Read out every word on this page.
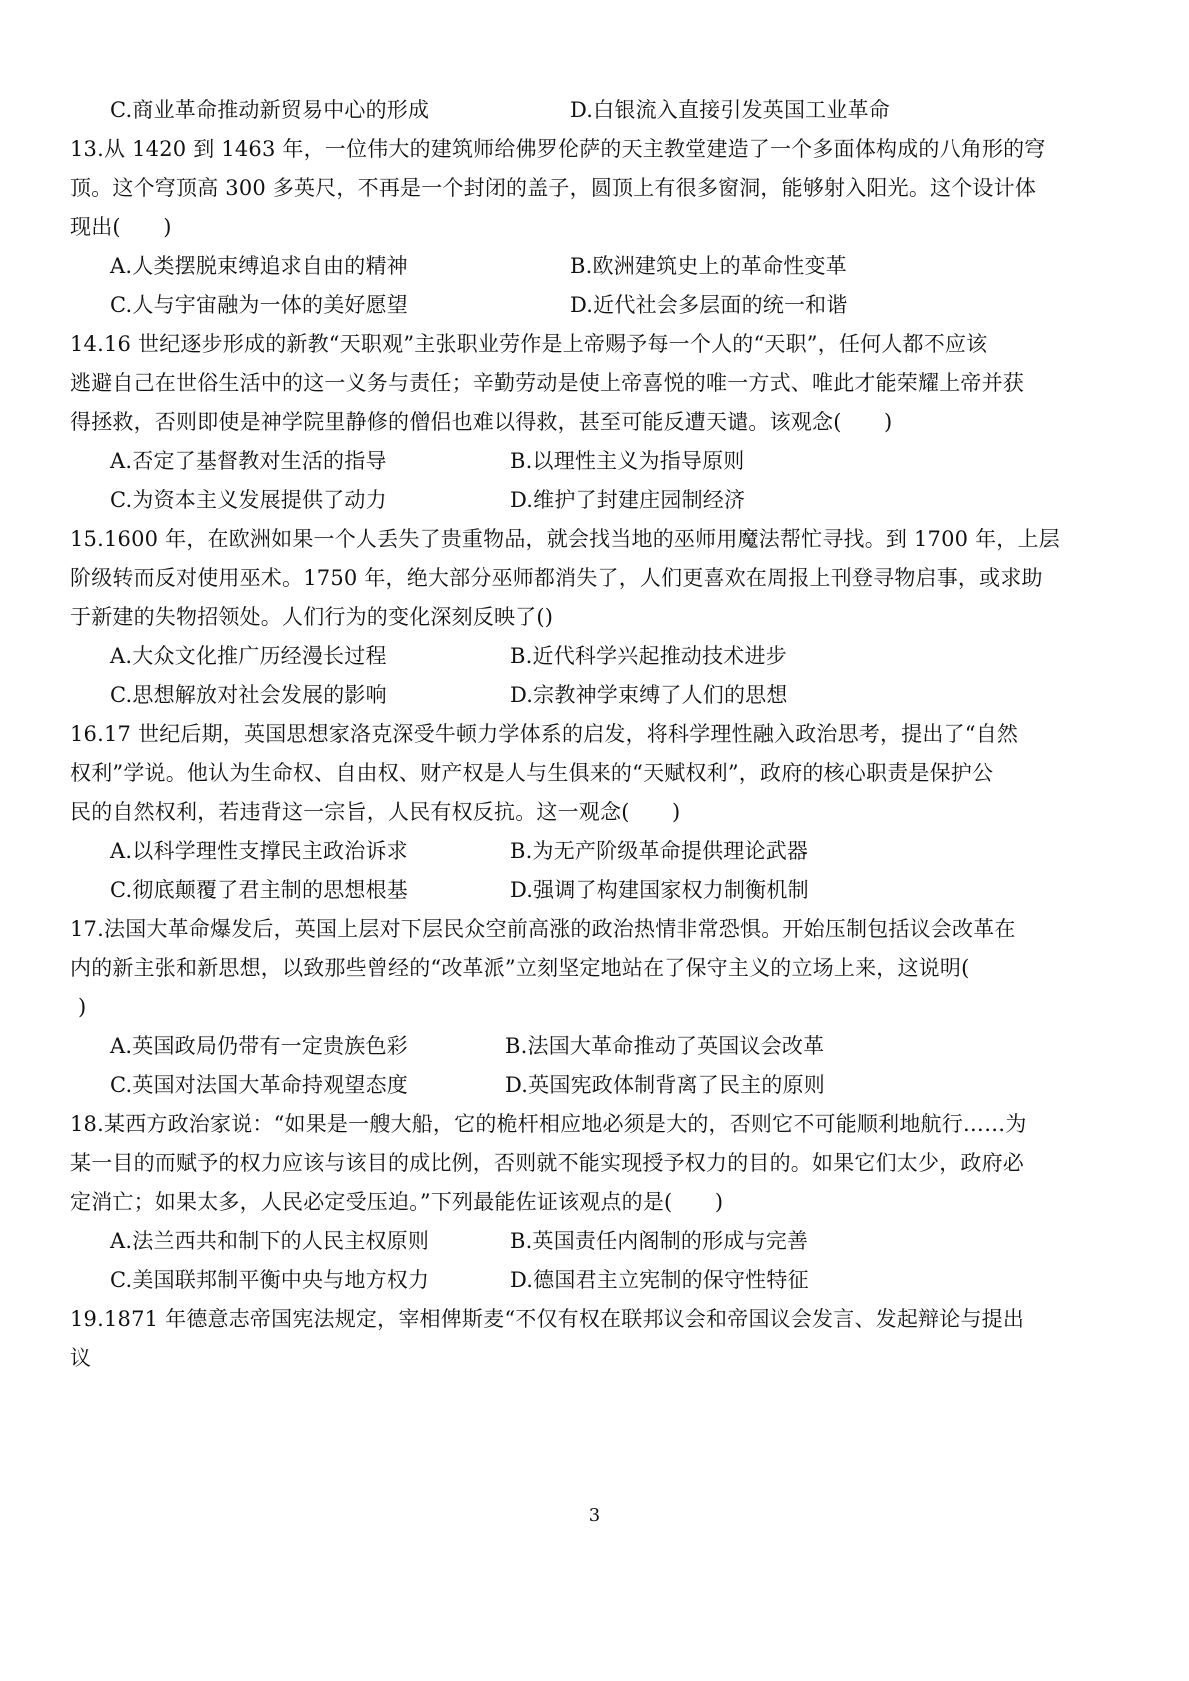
C.商业革命推动新贸易中心的形成	D.白银流入直接引发英国工业革命
13.从 1420 到 1463 年，一位伟大的建筑师给佛罗伦萨的天主教堂建造了一个多面体构成的八角形的穹
顶。这个穹顶高 300 多英尺，不再是一个封闭的盖子，圆顶上有很多窗洞，能够射入阳光。这个设计体
现出(　　)
A.人类摆脱束缚追求自由的精神	B.欧洲建筑史上的革命性变革
C.人与宇宙融为一体的美好愿望	D.近代社会多层面的统一和谐
14.16 世纪逐步形成的新教“天职观”主张职业劳作是上帝赐予每一个人的“天职”，任何人都不应该
逃避自己在世俗生活中的这一义务与责任；辛勤劳动是使上帝喜悦的唯一方式、唯此才能荣耀上帝并获
得拯救，否则即使是神学院里静修的僧侣也难以得救，甚至可能反遭天谴。该观念(　　)
A.否定了基督教对生活的指导	B.以理性主义为指导原则
C.为资本主义发展提供了动力	D.维护了封建庄园制经济
15.1600 年，在欧洲如果一个人丢失了贵重物品，就会找当地的巫师用魔法帮忙寻找。到 1700 年，上层
阶级转而反对使用巫术。1750 年，绝大部分巫师都消失了，人们更喜欢在周报上刊登寻物启事，或求助
于新建的失物招领处。人们行为的变化深刻反映了()
A.大众文化推广历经漫长过程	B.近代科学兴起推动技术进步
C.思想解放对社会发展的影响	D.宗教神学束缚了人们的思想
16.17 世纪后期，英国思想家洛克深受牛顿力学体系的启发，将科学理性融入政治思考，提出了“自然
权利”学说。他认为生命权、自由权、财产权是人与生俱来的“天赋权利”，政府的核心职责是保护公
民的自然权利，若违背这一宗旨，人民有权反抗。这一观念(　　)
A.以科学理性支撑民主政治诉求	B.为无产阶级革命提供理论武器
C.彻底颠覆了君主制的思想根基	D.强调了构建国家权力制衡机制
17.法国大革命爆发后，英国上层对下层民众空前高涨的政治热情非常恐惧。开始压制包括议会改革在
内的新主张和新思想，以致那些曾经的“改革派”立刻坚定地站在了保守主义的立场上来，这说明(
)
A.英国政局仍带有一定贵族色彩	B.法国大革命推动了英国议会改革
C.英国对法国大革命持观望态度	D.英国宪政体制背离了民主的原则
18.某西方政治家说：“如果是一艘大船，它的桅杆相应地必须是大的，否则它不可能顺利地航行……为
某一目的而赋予的权力应该与该目的成比例，否则就不能实现授予权力的目的。如果它们太少，政府必
定消亡；如果太多，人民必定受压迫。”下列最能佐证该观点的是(　　)
A.法兰西共和制下的人民主权原则	B.英国责任内阁制的形成与完善
C.美国联邦制平衡中央与地方权力	D.德国君主立宪制的保守性特征
19.1871 年德意志帝国宪法规定，宰相俾斯麦“不仅有权在联邦议会和帝国议会发言、发起辩论与提出
议
3
